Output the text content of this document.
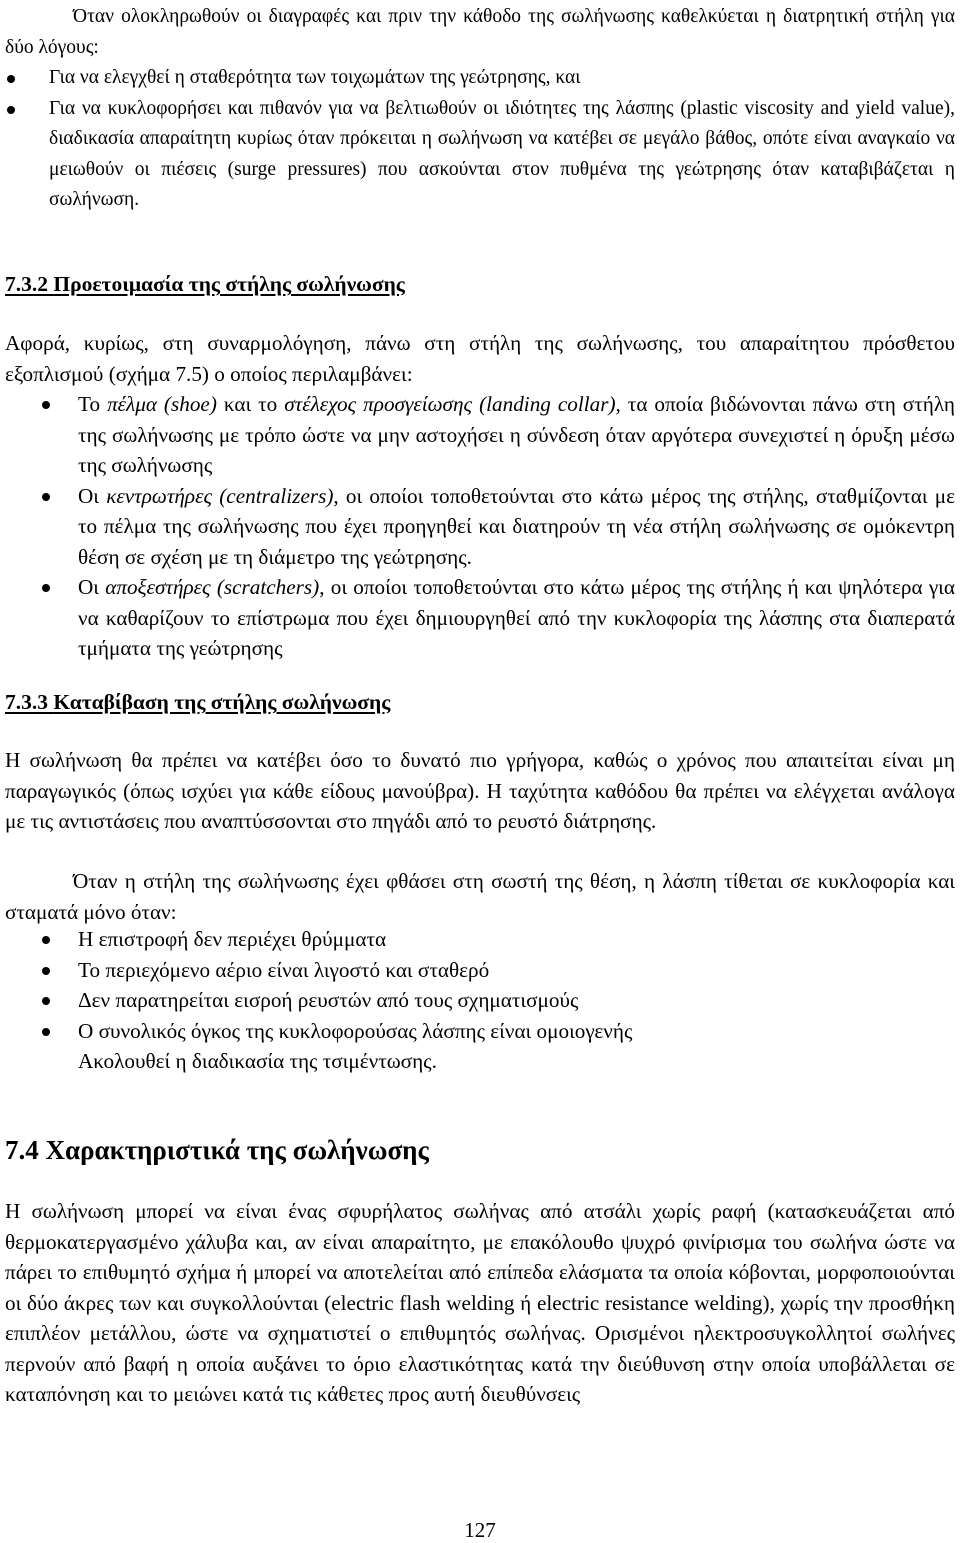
Όταν ολοκληρωθούν οι διαγραφές και πριν την κάθοδο της σωλήνωσης καθελκύεται η διατρητική στήλη για δύο λόγους:
Για να ελεγχθεί η σταθερότητα των τοιχωμάτων της γεώτρησης, και
Για να κυκλοφορήσει και πιθανόν για να βελτιωθούν οι ιδιότητες της λάσπης (plastic viscosity and yield value), διαδικασία απαραίτητη κυρίως όταν πρόκειται η σωλήνωση να κατέβει σε μεγάλο βάθος, οπότε είναι αναγκαίο να μειωθούν οι πιέσεις (surge pressures) που ασκούνται στον πυθμένα της γεώτρησης όταν καταβιβάζεται η σωλήνωση.
7.3.2 Προετοιμασία της στήλης σωλήνωσης
Αφορά, κυρίως, στη συναρμολόγηση, πάνω στη στήλη της σωλήνωσης, του απαραίτητου πρόσθετου εξοπλισμού (σχήμα 7.5) ο οποίος περιλαμβάνει:
Το πέλμα (shoe) και το στέλεχος προσγείωσης (landing collar), τα οποία βιδώνονται πάνω στη στήλη της σωλήνωσης με τρόπο ώστε να μην αστοχήσει η σύνδεση όταν αργότερα συνεχιστεί η όρυξη μέσω της σωλήνωσης
Οι κεντρωτήρες (centralizers), οι οποίοι τοποθετούνται στο κάτω μέρος της στήλης, σταθμίζονται με το πέλμα της σωλήνωσης που έχει προηγηθεί και διατηρούν τη νέα στήλη σωλήνωσης σε ομόκεντρη θέση σε σχέση με τη διάμετρο της γεώτρησης.
Οι αποξεστήρες (scratchers), οι οποίοι τοποθετούνται στο κάτω μέρος της στήλης ή και ψηλότερα για να καθαρίζουν το επίστρωμα που έχει δημιουργηθεί από την κυκλοφορία της λάσπης στα διαπερατά τμήματα της γεώτρησης
7.3.3 Καταβίβαση της στήλης σωλήνωσης
Η σωλήνωση θα πρέπει να κατέβει όσο το δυνατό πιο γρήγορα, καθώς ο χρόνος που απαιτείται είναι μη παραγωγικός (όπως ισχύει για κάθε είδους μανούβρα). Η ταχύτητα καθόδου θα πρέπει να ελέγχεται ανάλογα με τις αντιστάσεις που αναπτύσσονται στο πηγάδι από το ρευστό διάτρησης.
Όταν η στήλη της σωλήνωσης έχει φθάσει στη σωστή της θέση, η λάσπη τίθεται σε κυκλοφορία και σταματά μόνο όταν:
Η επιστροφή δεν περιέχει θρύμματα
Το περιεχόμενο αέριο είναι λιγοστό και σταθερό
Δεν παρατηρείται εισροή ρευστών από τους σχηματισμούς
Ο συνολικός όγκος της κυκλοφορούσας λάσπης είναι ομοιογενής
Ακολουθεί η διαδικασία της τσιμέντωσης.
7.4 Χαρακτηριστικά της σωλήνωσης
Η σωλήνωση μπορεί να είναι ένας σφυρήλατος σωλήνας από ατσάλι χωρίς ραφή (κατασκευάζεται από θερμοκατεργασμένο χάλυβα και, αν είναι απαραίτητο, με επακόλουθο ψυχρό φινίρισμα του σωλήνα ώστε να πάρει το επιθυμητό σχήμα ή μπορεί να αποτελείται από επίπεδα ελάσματα τα οποία κόβονται, μορφοποιούνται οι δύο άκρες των και συγκολλούνται (electric flash welding ή electric resistance welding), χωρίς την προσθήκη επιπλέον μετάλλου, ώστε να σχηματιστεί ο επιθυμητός σωλήνας. Ορισμένοι ηλεκτροσυγκολλητοί σωλήνες περνούν από βαφή η οποία αυξάνει το όριο ελαστικότητας κατά την διεύθυνση στην οποία υποβάλλεται σε καταπόνηση και το μειώνει κατά τις κάθετες προς αυτή διευθύνσεις
127
